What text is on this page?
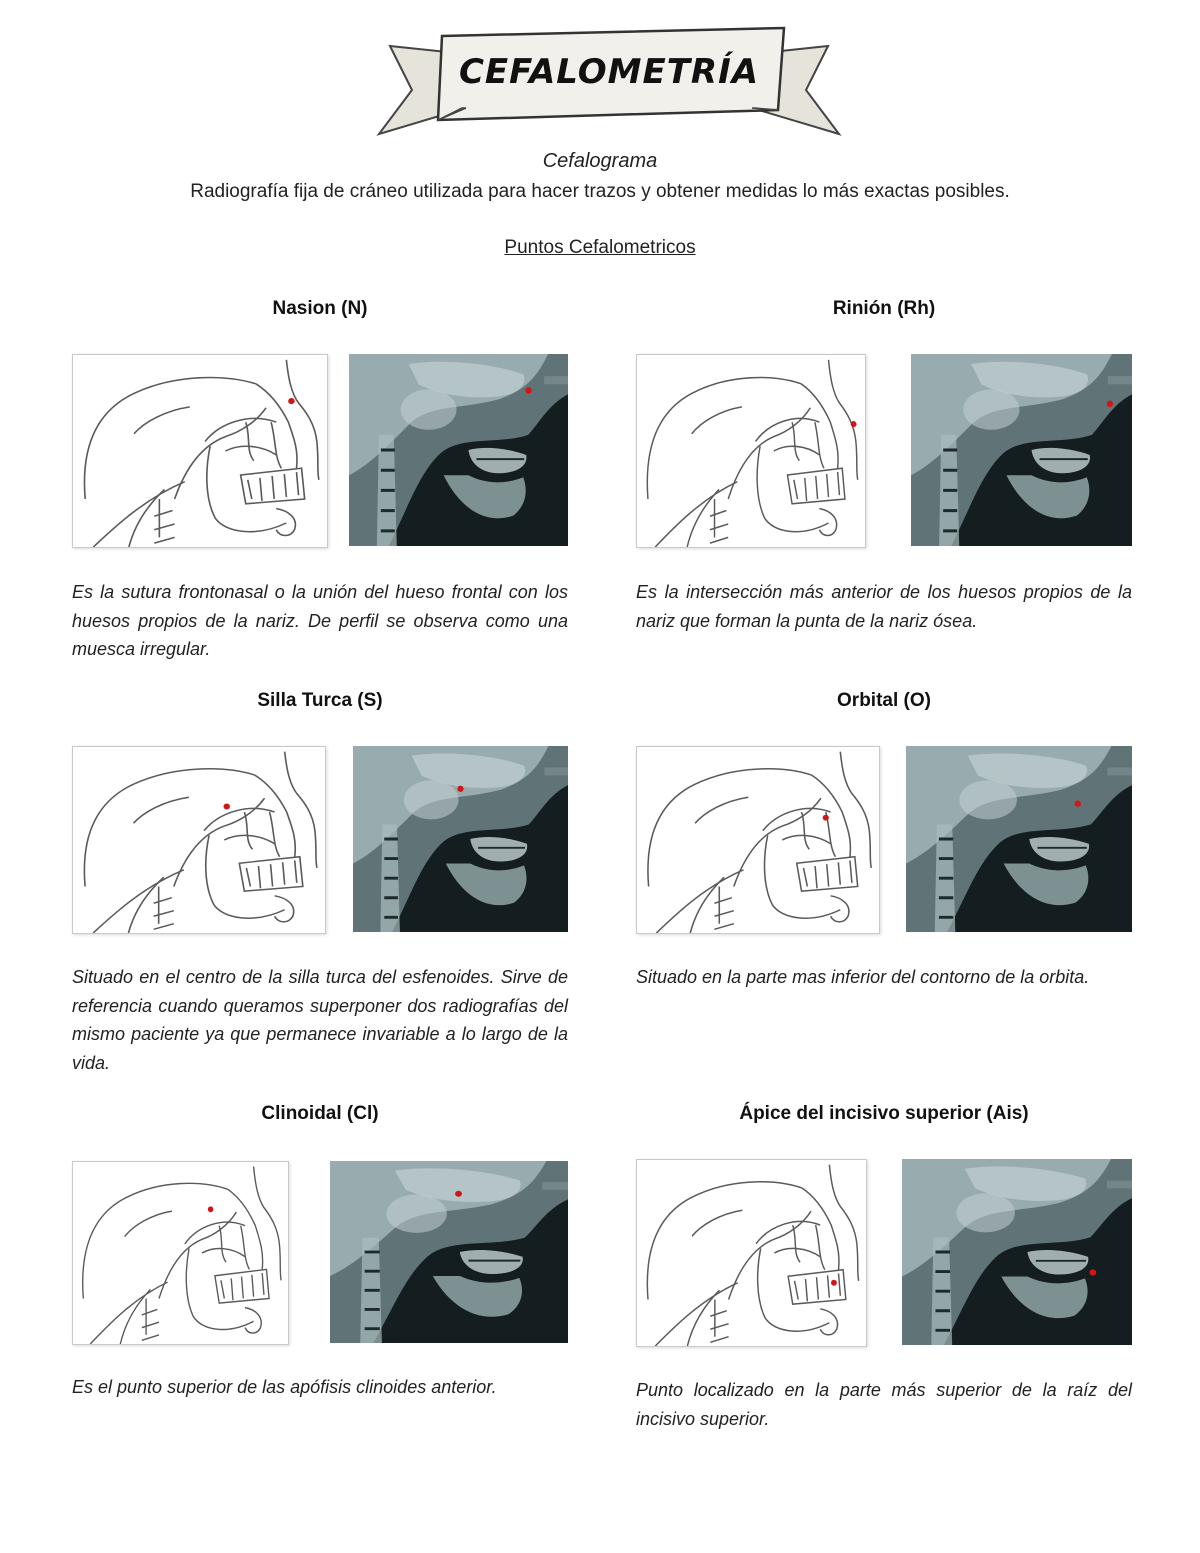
CEFALOMETRÍA
Cefalograma
Radiografía fija de cráneo utilizada para hacer trazos y obtener medidas lo más exactas posibles.
Puntos Cefalometricos
Nasion (N)

Es la sutura frontonasal o la unión del hueso frontal con los huesos propios de la nariz. De perfil se observa como una muesca irregular.

Rinión (Rh)

Es la intersección más anterior de los huesos propios de la nariz que forman la punta de la nariz ósea.

Silla Turca (S)

Situado en el centro de la silla turca del esfenoides. Sirve de referencia cuando queramos superponer dos radiografías del mismo paciente ya que permanece invariable a lo largo de la vida.

Orbital (O)

Situado en la parte mas inferior del contorno de la orbita.

Clinoidal (Cl)

Es el punto superior de las apófisis clinoides anterior.

Ápice del incisivo superior (Ais)

Punto localizado en la parte más superior de la raíz del incisivo superior.
